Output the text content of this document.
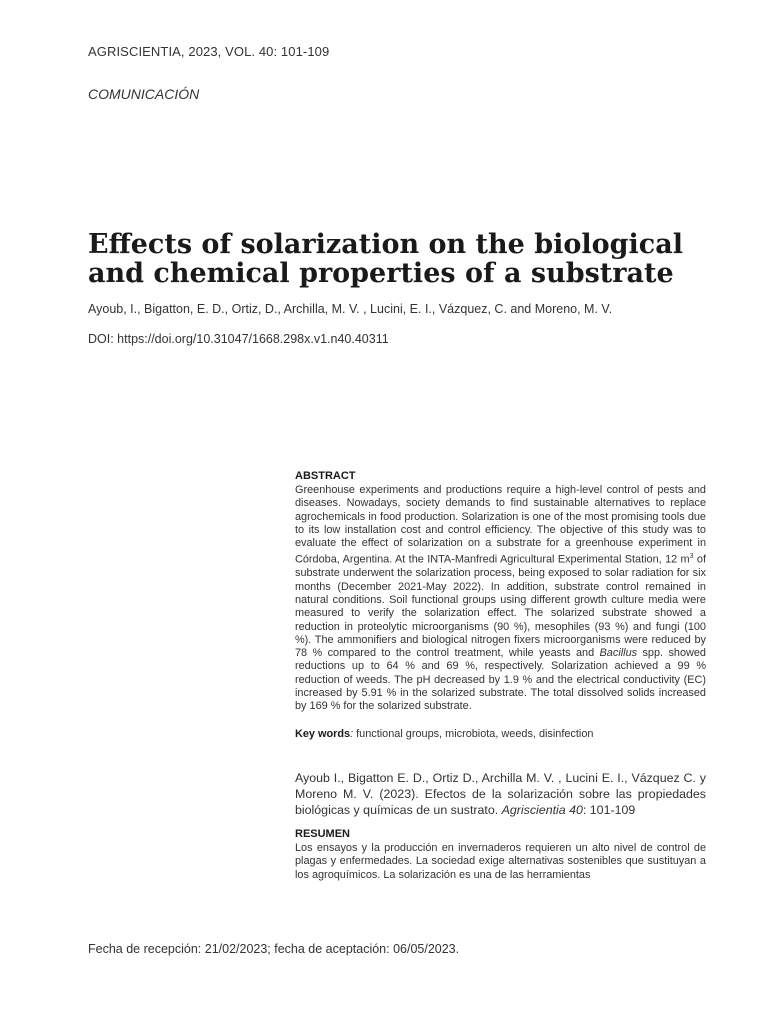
AGRISCIENTIA, 2023, VOL. 40: 101-109
COMUNICACIÓN
Effects of solarization on the biological and chemical properties of a substrate
Ayoub, I., Bigatton, E. D., Ortiz, D., Archilla, M. V. , Lucini, E. I., Vázquez, C. and Moreno, M. V.
DOI: https://doi.org/10.31047/1668.298x.v1.n40.40311
ABSTRACT

Greenhouse experiments and productions require a high-level control of pests and diseases. Nowadays, society demands to find sustainable alternatives to replace agrochemicals in food production. Solarization is one of the most promising tools due to its low installation cost and control efficiency. The objective of this study was to evaluate the effect of solarization on a substrate for a greenhouse experiment in Córdoba, Argentina. At the INTA-Manfredi Agricultural Experimental Station, 12 $m^3$ of substrate underwent the solarization process, being exposed to solar radiation for six months (December 2021-May 2022). In addition, substrate control remained in natural conditions. Soil functional groups using different growth culture media were measured to verify the solarization effect. The solarized substrate showed a reduction in proteolytic microorganisms (90 %), mesophiles (93 %) and fungi (100 %). The ammonifiers and biological nitrogen fixers microorganisms were reduced by 78 % compared to the control treatment, while yeasts and Bacillus spp. showed reductions up to 64 % and 69 %, respectively. Solarization achieved a 99 % reduction of weeds. The pH decreased by 1.9 % and the electrical conductivity (EC) increased by 5.91 % in the solarized substrate. The total dissolved solids increased by 169 % for the solarized substrate.

Key words: functional groups, microbiota, weeds, disinfection

Ayoub I., Bigatton E. D., Ortiz D., Archilla M. V. , Lucini E. I., Vázquez C. y Moreno M. V. (2023). Efectos de la solarización sobre las propiedades biológicas y químicas de un sustrato. Agriscientia 40: 101-109

RESUMEN

Los ensayos y la producción en invernaderos requieren un alto nivel de control de plagas y enfermedades. La sociedad exige alternativas sostenibles que sustituyan a los agroquímicos. La solarización es una de las herramientas

Fecha de recepción: 21/02/2023; fecha de aceptación: 06/05/2023.
